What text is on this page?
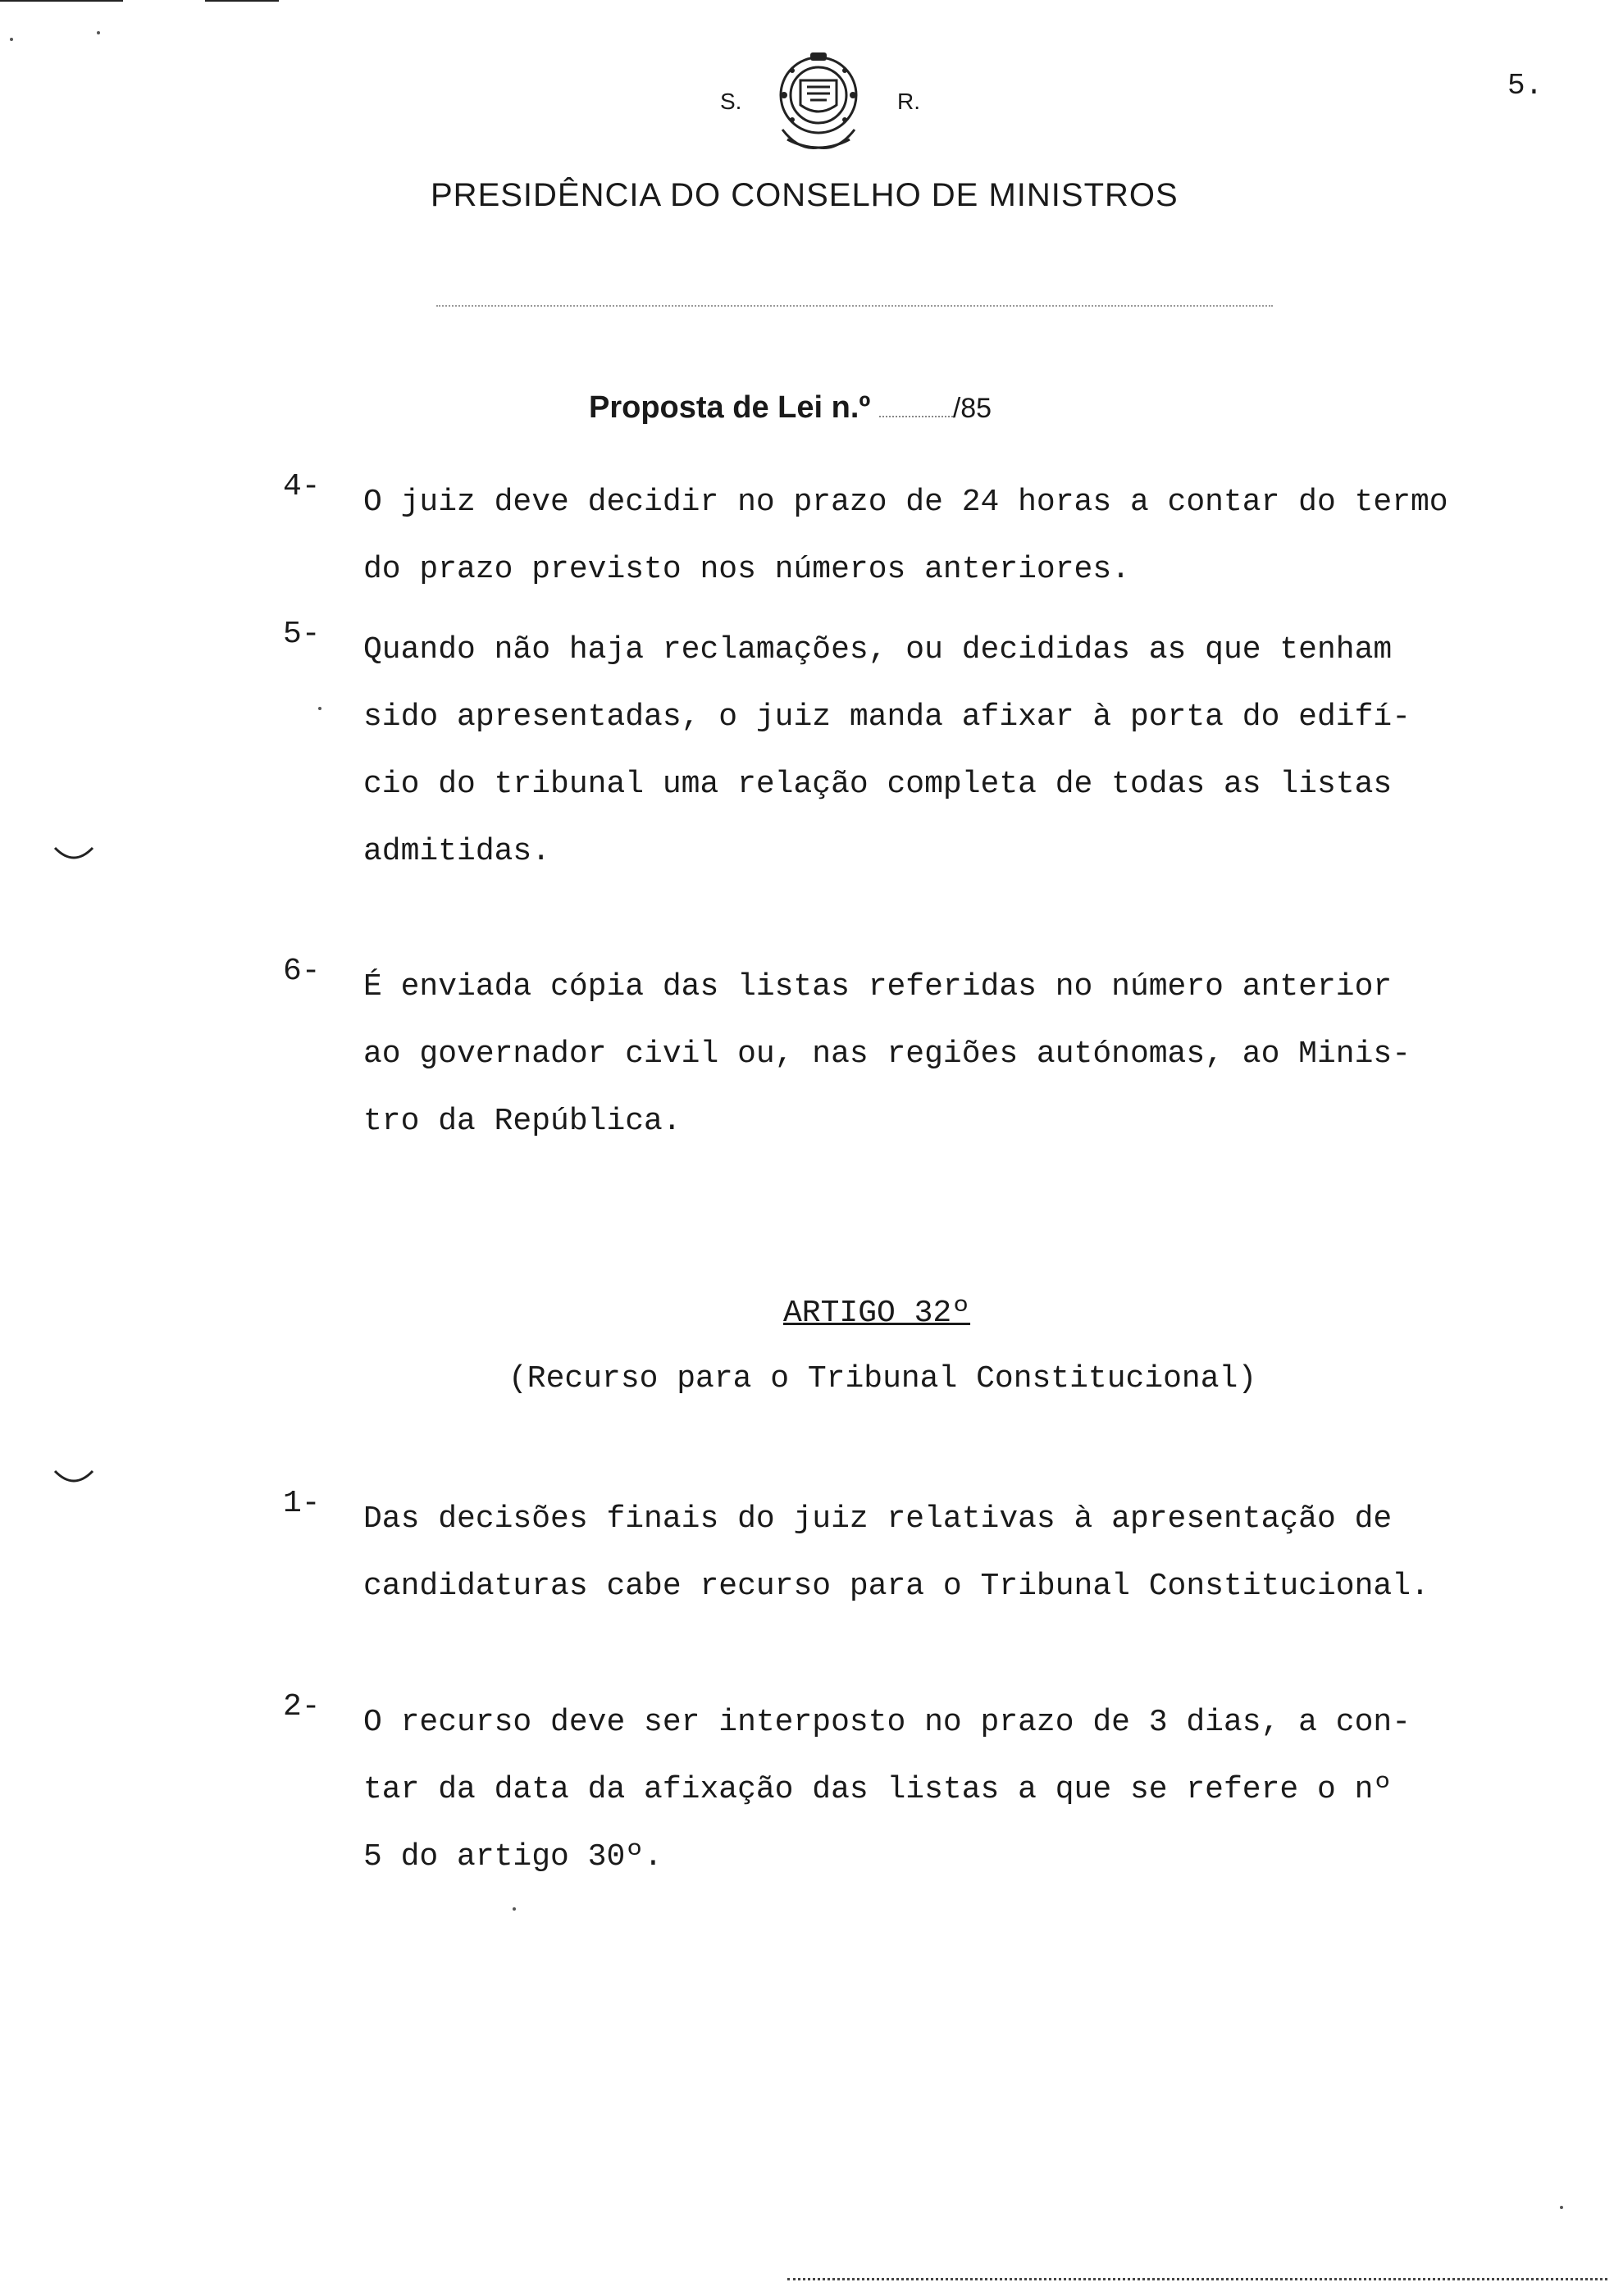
S.	R.	5.
PRESIDÊNCIA DO CONSELHO DE MINISTROS
Proposta de Lei n.º	/85
4- O juiz deve decidir no prazo de 24 horas a contar do termo
do prazo previsto nos números anteriores.
5- Quando não haja reclamações, ou decididas as que tenham
sido apresentadas, o juiz manda afixar à porta do edifí-
cio do tribunal uma relação completa de todas as listas
admitidas.
6- É enviada cópia das listas referidas no número anterior
ao governador civil ou, nas regiões autónomas, ao Minis-
tro da República.
ARTIGO 32º
(Recurso para o Tribunal Constitucional)
1- Das decisões finais do juiz relativas à apresentação de
candidaturas cabe recurso para o Tribunal Constitucional.
2- O recurso deve ser interposto no prazo de 3 dias, a con-
tar da data da afixação das listas a que se refere o nº
5 do artigo 30º.
